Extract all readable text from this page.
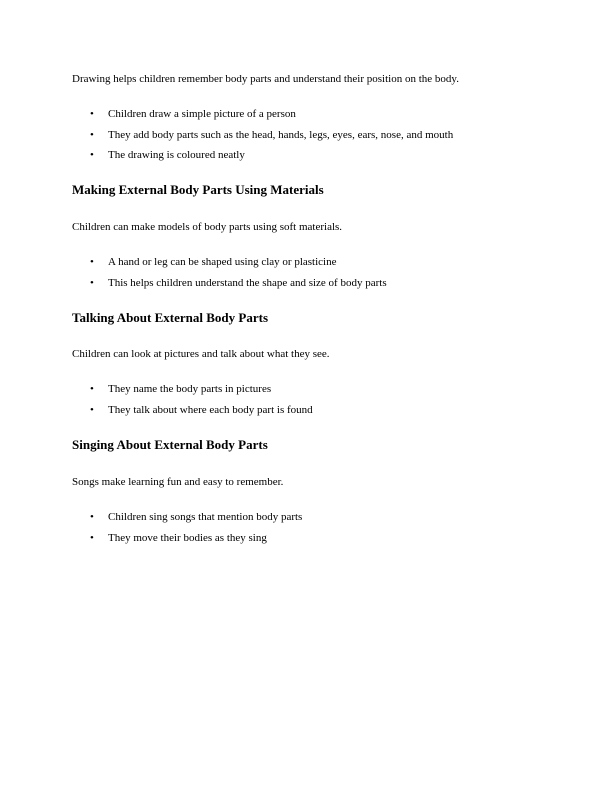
Drawing helps children remember body parts and understand their position on the body.

• Children draw a simple picture of a person
• They add body parts such as the head, hands, legs, eyes, ears, nose, and mouth
• The drawing is coloured neatly
Making External Body Parts Using Materials

Children can make models of body parts using soft materials.

• A hand or leg can be shaped using clay or plasticine
• This helps children understand the shape and size of body parts
Talking About External Body Parts

Children can look at pictures and talk about what they see.

• They name the body parts in pictures
• They talk about where each body part is found
Singing About External Body Parts

Songs make learning fun and easy to remember.

• Children sing songs that mention body parts
• They move their bodies as they sing
